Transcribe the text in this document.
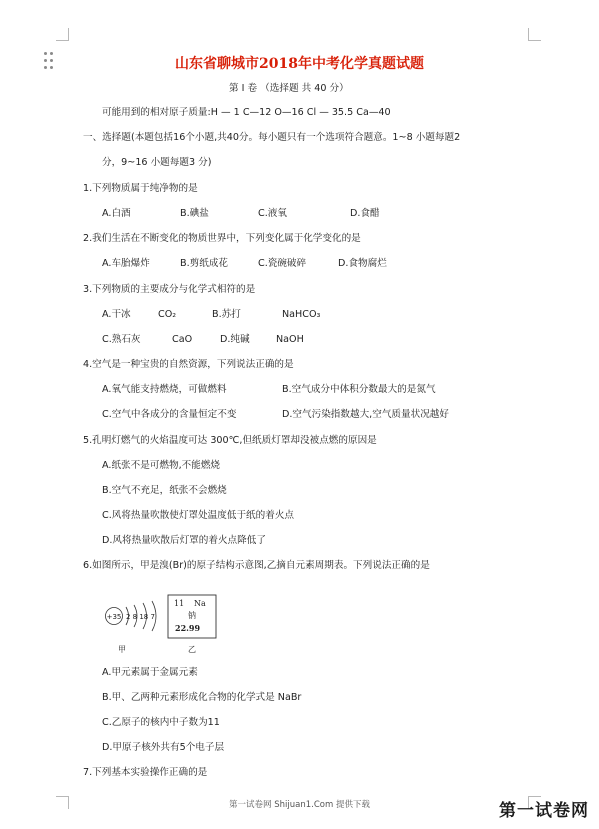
山东省聊城市2018年中考化学真题试题
第 I 卷 （选择题 共 40 分）
可能用到的相对原子质量:H — 1 C—12 O—16 Cl — 35.5 Ca—40
一、选择题(本题包括16个小题,共40分。每小题只有一个选项符合题意。1~8 小题每题2
分，9~16 小题每题3 分)
1.下列物质属于纯净物的是
A.白酒	B.碘盐	C.液氧	D.食醋
2.我们生活在不断变化的物质世界中，下列变化属于化学变化的是
A.车胎爆炸	B.剪纸成花	C.瓷碗破碎	D.食物腐烂
3.下列物质的主要成分与化学式相符的是
A.干冰	CO₂	B.苏打	NaHCO₃
C.熟石灰	CaO	D.纯碱	NaOH
4.空气是一种宝贵的自然资源，下列说法正确的是
A.氧气能支持燃烧，可做燃料	B.空气成分中体积分数最大的是氮气
C.空气中各成分的含量恒定不变	D.空气污染指数越大,空气质量状况越好
5.孔明灯燃气的火焰温度可达 300℃,但纸质灯罩却没被点燃的原因是
A.纸张不是可燃物,不能燃烧
B.空气不充足，纸张不会燃烧
C.风将热量吹散使灯罩处温度低于纸的着火点
D.风将热量吹散后灯罩的着火点降低了
6.如图所示，甲是溴(Br)的原子结构示意图,乙摘自元素周期表。下列说法正确的是
+35 2 8 18 7
11 Na
钠
22.99
甲	乙
A.甲元素属于金属元素
B.甲、乙两种元素形成化合物的化学式是 NaBr
C.乙原子的核内中子数为11
D.甲原子核外共有5个电子层
7.下列基本实验操作正确的是
第一试卷网 Shijuan1.Com 提供下载	第一试卷网
